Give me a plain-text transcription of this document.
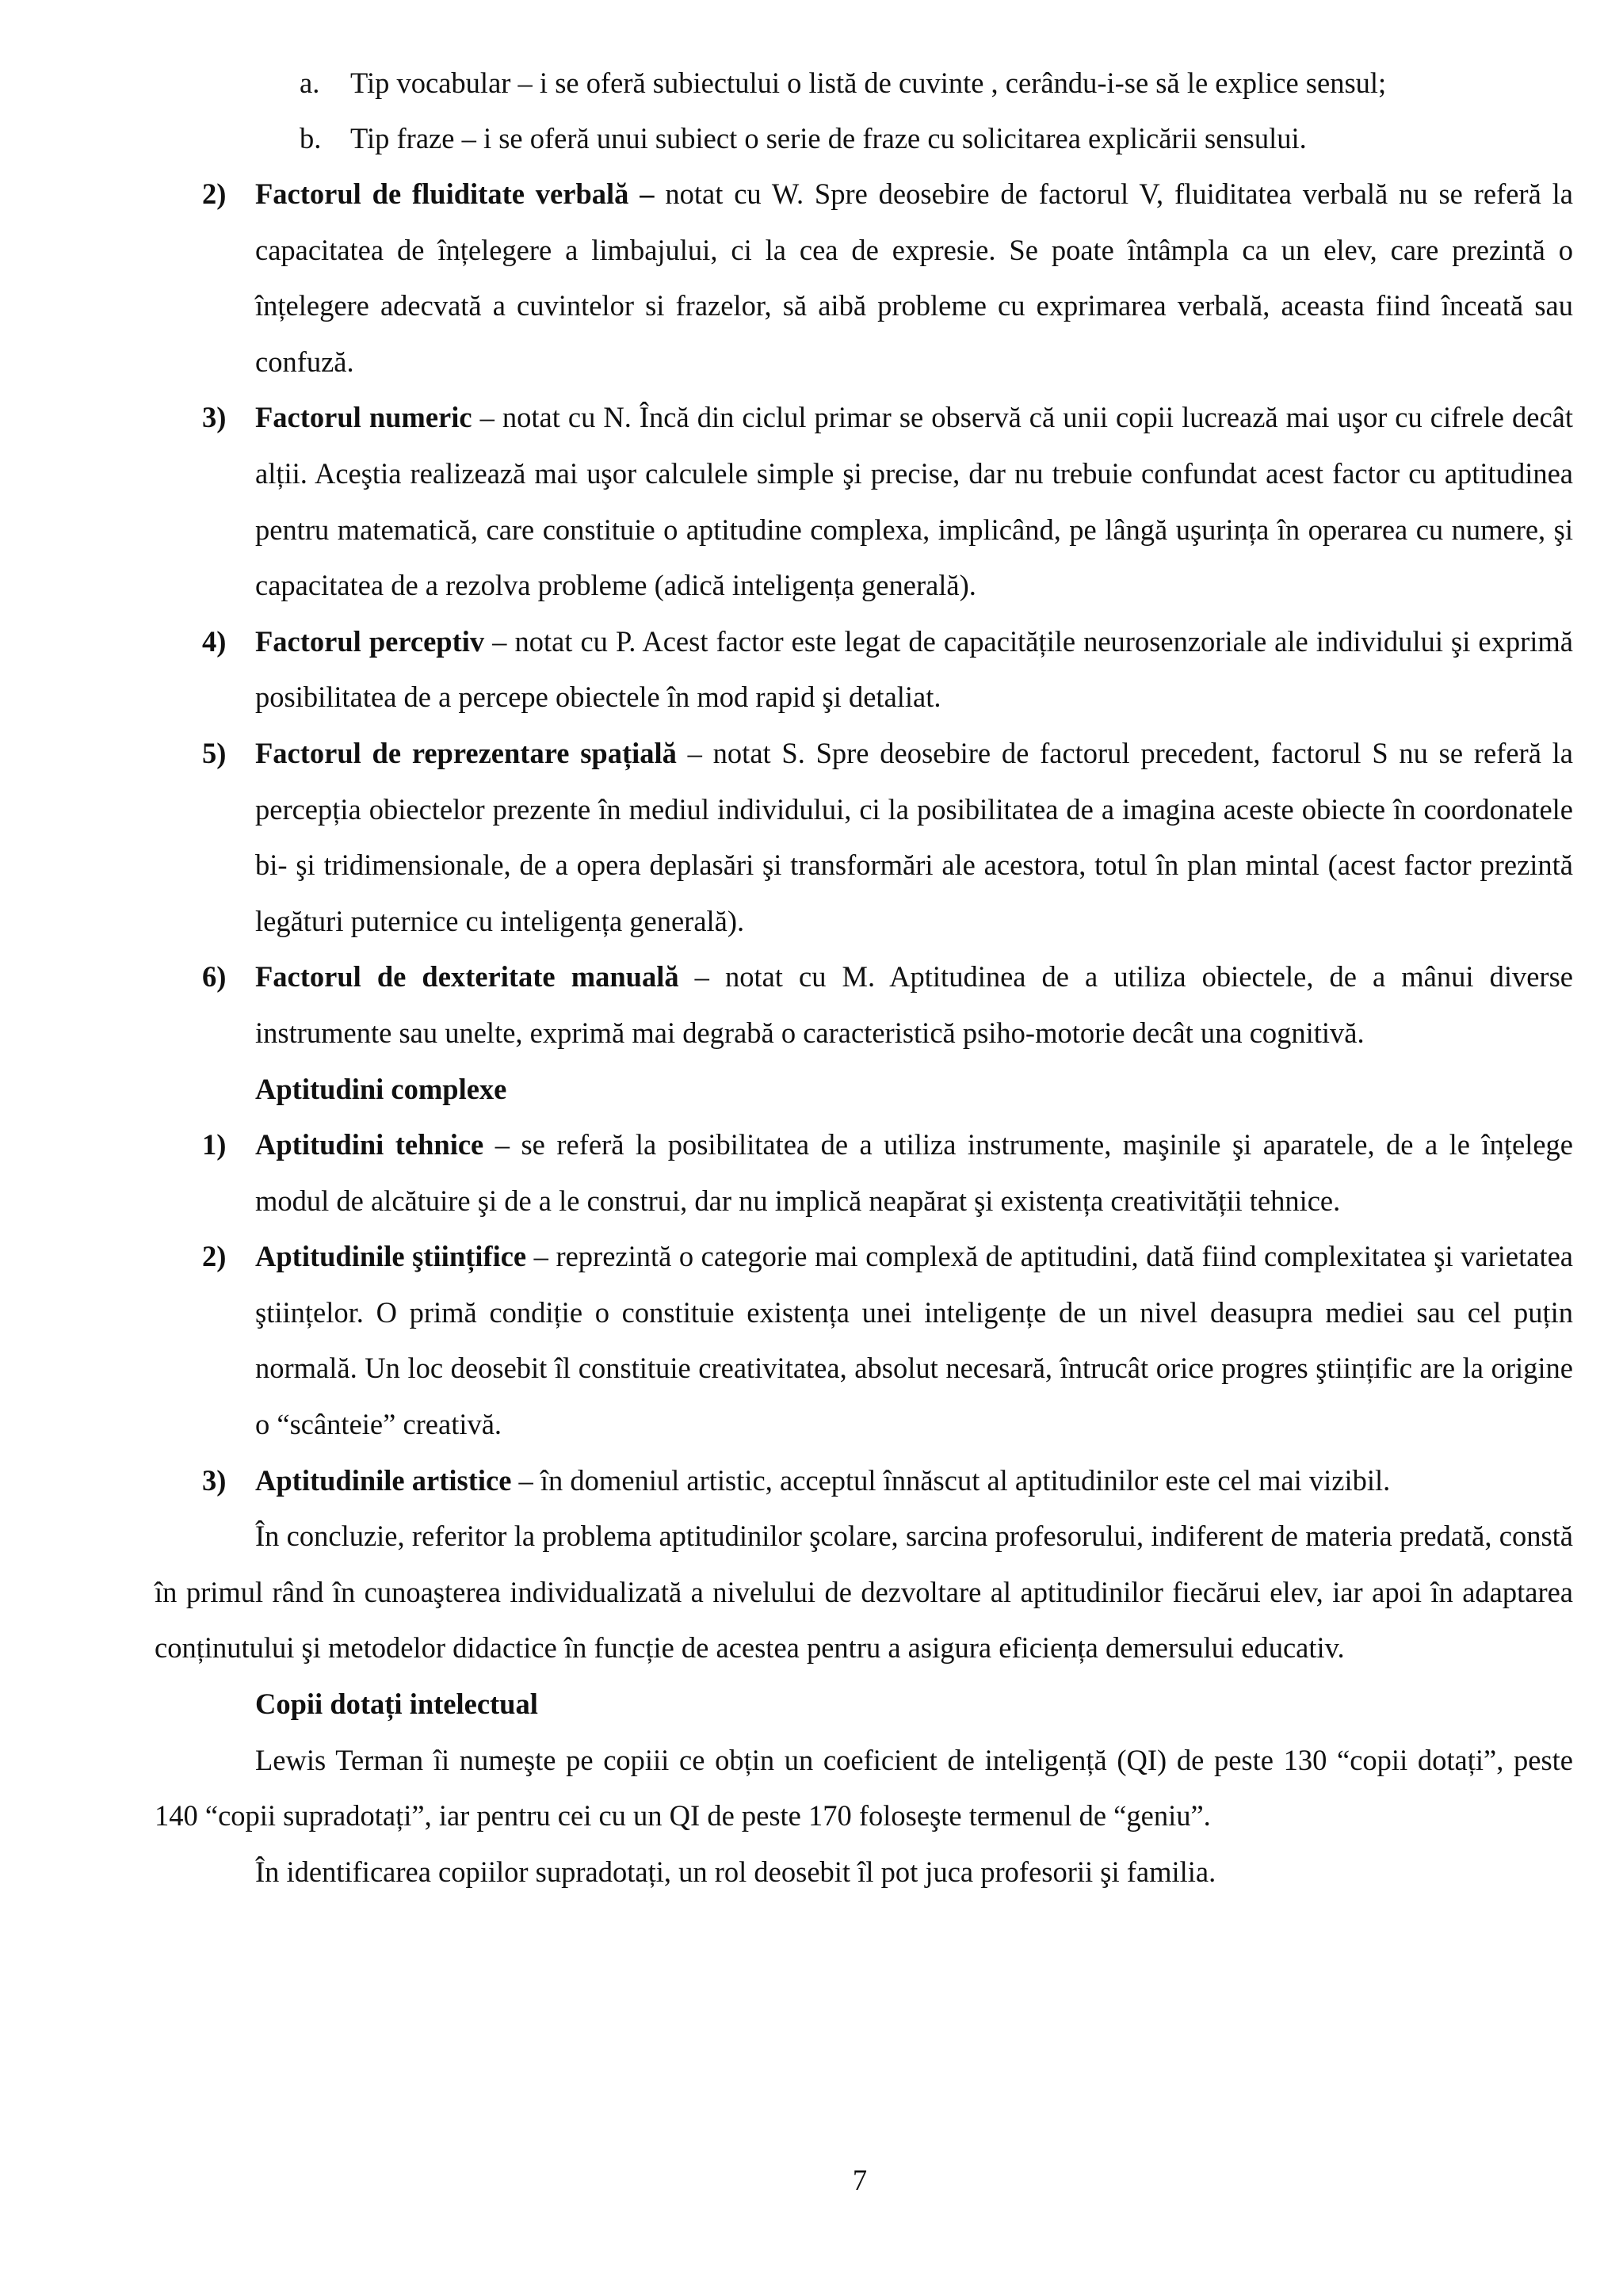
a. Tip vocabular – i se oferă subiectului o listă de cuvinte , cerându-i-se să le explice sensul;
b. Tip fraze – i se oferă unui subiect o serie de fraze cu solicitarea explicării sensului.
2) Factorul de fluiditate verbală – notat cu W. Spre deosebire de factorul V, fluiditatea verbală nu se referă la capacitatea de înțelegere a limbajului, ci la cea de expresie. Se poate întâmpla ca un elev, care prezintă o înțelegere adecvată a cuvintelor si frazelor, să aibă probleme cu exprimarea verbală, aceasta fiind înceată sau confuză.
3) Factorul numeric – notat cu N. Încă din ciclul primar se observă că unii copii lucrează mai uşor cu cifrele decât alții. Aceştia realizează mai uşor calculele simple şi precise, dar nu trebuie confundat acest factor cu aptitudinea pentru matematică, care constituie o aptitudine complexa, implicând, pe lângă uşurința în operarea cu numere, şi capacitatea de a rezolva probleme (adică inteligența generală).
4) Factorul perceptiv – notat cu P. Acest factor este legat de capacitățile neurosenzoriale ale individului şi exprimă posibilitatea de a percepe obiectele în mod rapid şi detaliat.
5) Factorul de reprezentare spațială – notat S. Spre deosebire de factorul precedent, factorul S nu se referă la percepția obiectelor prezente în mediul individului, ci la posibilitatea de a imagina aceste obiecte în coordonatele bi- şi tridimensionale, de a opera deplasări şi transformări ale acestora, totul în plan mintal (acest factor prezintă legături puternice cu inteligența generală).
6) Factorul de dexteritate manuală – notat cu M. Aptitudinea de a utiliza obiectele, de a mânui diverse instrumente sau unelte, exprimă mai degrabă o caracteristică psiho-motorie decât una cognitivă.
Aptitudini complexe
1) Aptitudini tehnice – se referă la posibilitatea de a utiliza instrumente, maşinile şi aparatele, de a le înțelege modul de alcătuire şi de a le construi, dar nu implică neapărat şi existența creativității tehnice.
2) Aptitudinile ştiințifice – reprezintă o categorie mai complexă de aptitudini, dată fiind complexitatea şi varietatea ştiințelor. O primă condiție o constituie existența unei inteligențe de un nivel deasupra mediei sau cel puțin normală. Un loc deosebit îl constituie creativitatea, absolut necesară, întrucât orice progres ştiințific are la origine o “scânteie” creativă.
3) Aptitudinile artistice – în domeniul artistic, acceptul înnăscut al aptitudinilor este cel mai vizibil.
În concluzie, referitor la problema aptitudinilor şcolare, sarcina profesorului, indiferent de materia predată, constă în primul rând în cunoaşterea individualizată a nivelului de dezvoltare al aptitudinilor fiecărui elev, iar apoi în adaptarea conținutului şi metodelor didactice în funcție de acestea pentru a asigura eficiența demersului educativ.
Copii dotați intelectual
Lewis Terman îi numeşte pe copiii ce obțin un coeficient de inteligență (QI) de peste 130 “copii dotați”, peste 140 “copii supradotați”, iar pentru cei cu un QI de peste 170 foloseşte termenul de “geniu”.
În identificarea copiilor supradotați, un rol deosebit îl pot juca profesorii şi familia.
7
